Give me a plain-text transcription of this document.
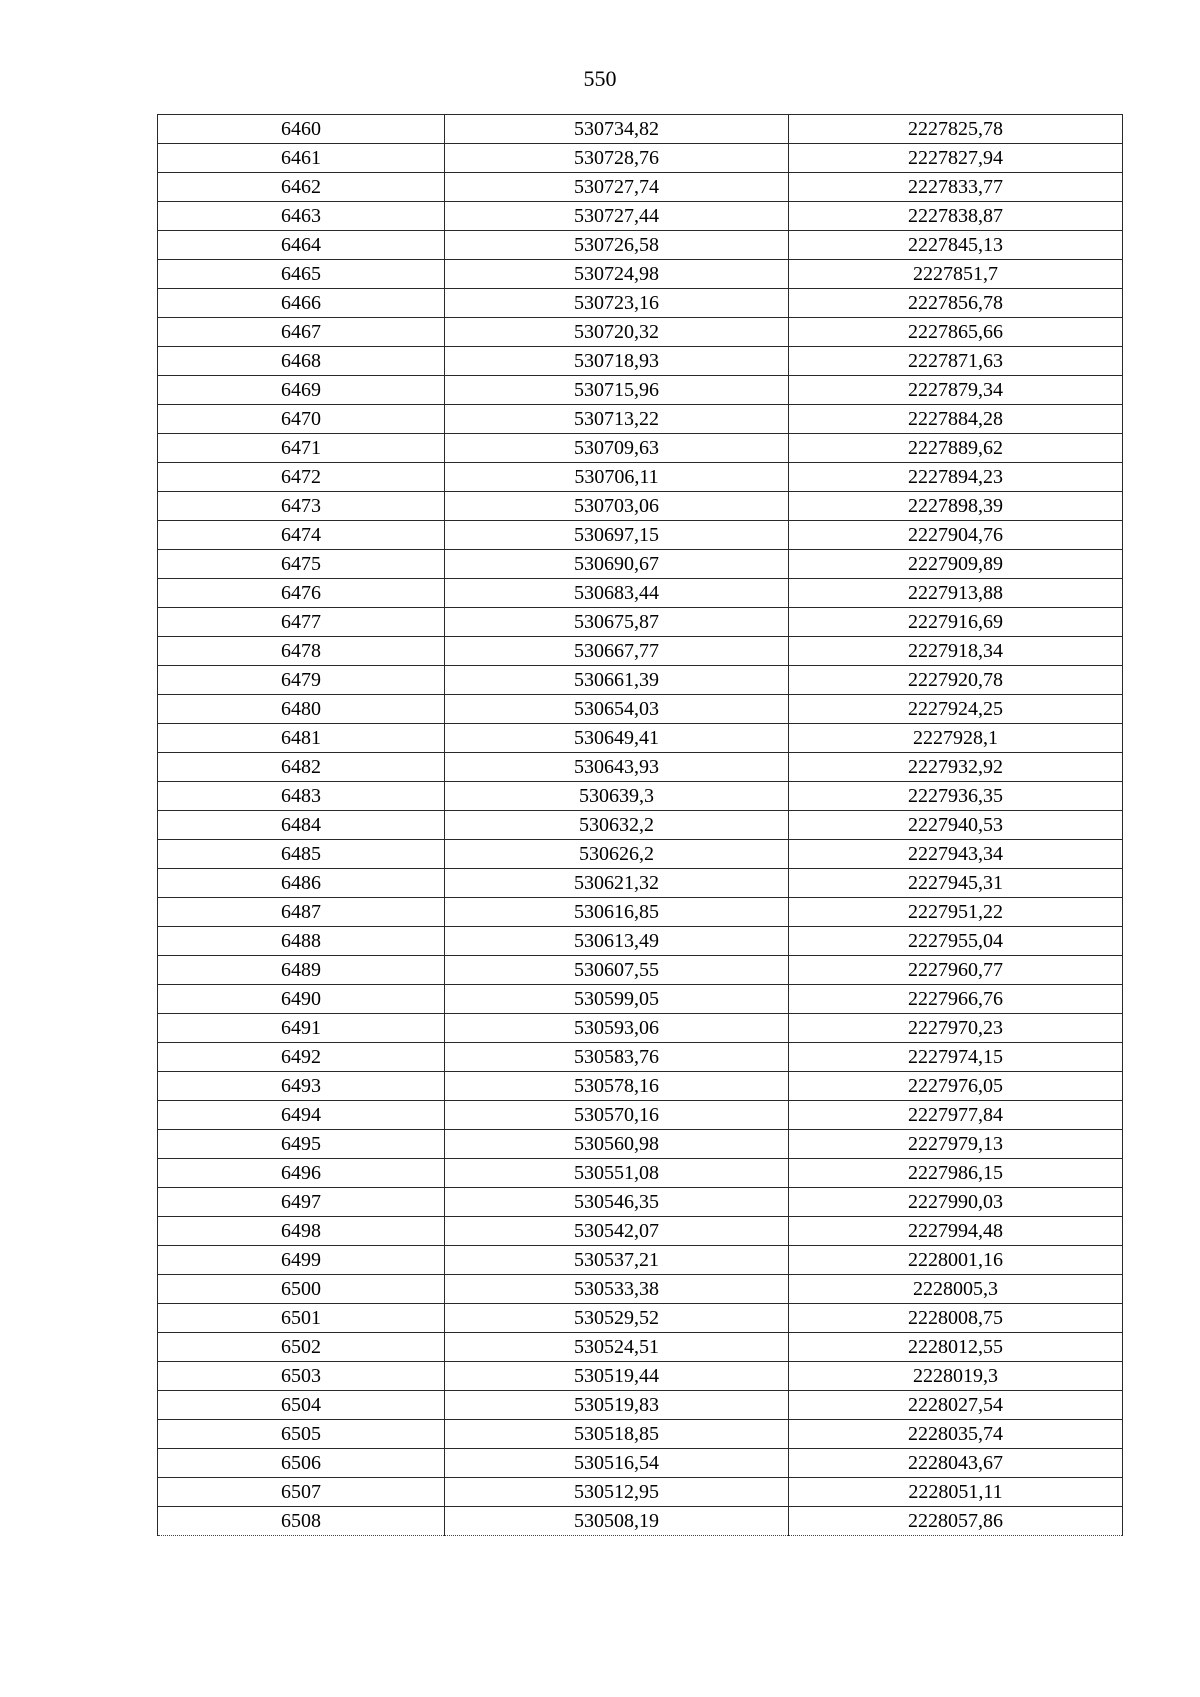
550
6460	530734,82	2227825,78
6461	530728,76	2227827,94
6462	530727,74	2227833,77
6463	530727,44	2227838,87
6464	530726,58	2227845,13
6465	530724,98	2227851,7
6466	530723,16	2227856,78
6467	530720,32	2227865,66
6468	530718,93	2227871,63
6469	530715,96	2227879,34
6470	530713,22	2227884,28
6471	530709,63	2227889,62
6472	530706,11	2227894,23
6473	530703,06	2227898,39
6474	530697,15	2227904,76
6475	530690,67	2227909,89
6476	530683,44	2227913,88
6477	530675,87	2227916,69
6478	530667,77	2227918,34
6479	530661,39	2227920,78
6480	530654,03	2227924,25
6481	530649,41	2227928,1
6482	530643,93	2227932,92
6483	530639,3	2227936,35
6484	530632,2	2227940,53
6485	530626,2	2227943,34
6486	530621,32	2227945,31
6487	530616,85	2227951,22
6488	530613,49	2227955,04
6489	530607,55	2227960,77
6490	530599,05	2227966,76
6491	530593,06	2227970,23
6492	530583,76	2227974,15
6493	530578,16	2227976,05
6494	530570,16	2227977,84
6495	530560,98	2227979,13
6496	530551,08	2227986,15
6497	530546,35	2227990,03
6498	530542,07	2227994,48
6499	530537,21	2228001,16
6500	530533,38	2228005,3
6501	530529,52	2228008,75
6502	530524,51	2228012,55
6503	530519,44	2228019,3
6504	530519,83	2228027,54
6505	530518,85	2228035,74
6506	530516,54	2228043,67
6507	530512,95	2228051,11
6508	530508,19	2228057,86
